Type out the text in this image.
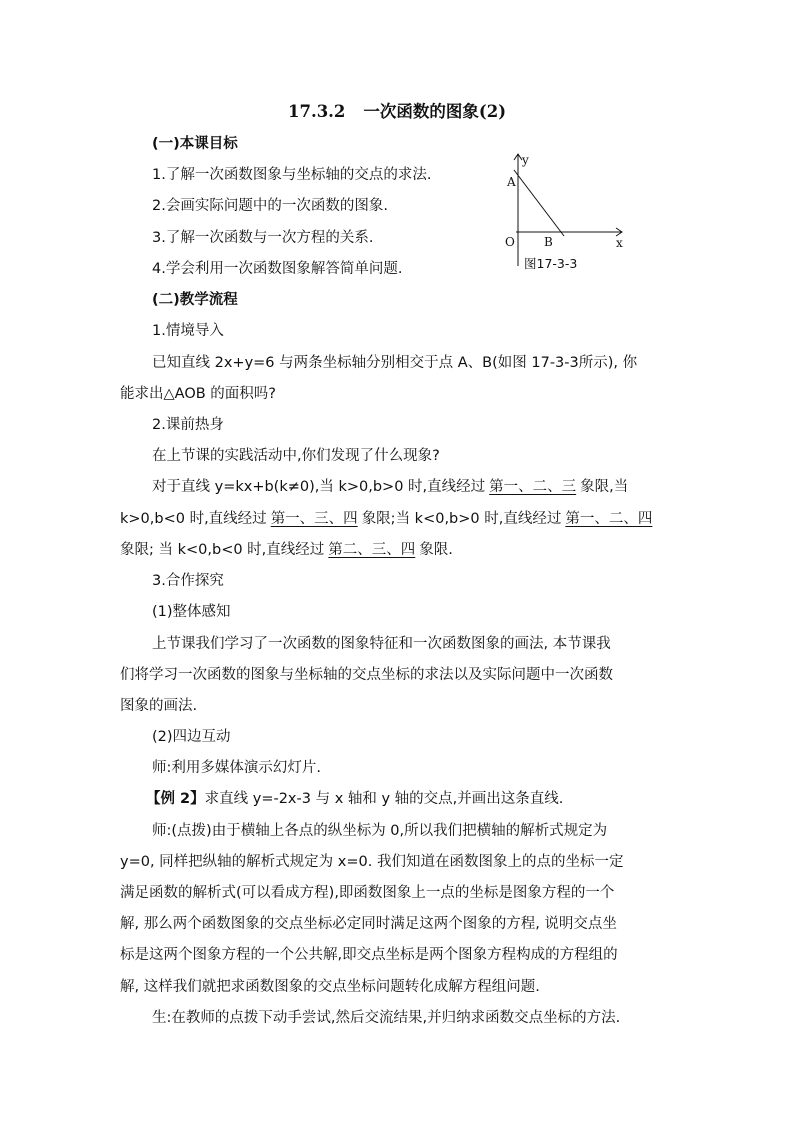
17.3.2 一次函数的图象(2)
(一)本课目标
1.了解一次函数图象与坐标轴的交点的求法.
2.会画实际问题中的一次函数的图象.
3.了解一次函数与一次方程的关系.
4.学会利用一次函数图象解答简单问题.
y
x
O
A
B
图17-3-3
(二)教学流程
1.情境导入
已知直线 2x+y=6 与两条坐标轴分别相交于点 A、B(如图 17-3-3所示), 你
能求出△AOB 的面积吗?
2.课前热身
在上节课的实践活动中,你们发现了什么现象?
对于直线 y=kx+b(k≠0),当 k>0,b>0 时,直线经过 第一、二、三 象限,当
k>0,b<0 时,直线经过 第一、三、四 象限;当 k<0,b>0 时,直线经过 第一、二、四
象限; 当 k<0,b<0 时,直线经过 第二、三、四 象限.
3.合作探究
(1)整体感知
上节课我们学习了一次函数的图象特征和一次函数图象的画法, 本节课我
们将学习一次函数的图象与坐标轴的交点坐标的求法以及实际问题中一次函数
图象的画法.
(2)四边互动
师:利用多媒体演示幻灯片.
【例 2】求直线 y=-2x-3 与 x 轴和 y 轴的交点,并画出这条直线.
师:(点拨)由于横轴上各点的纵坐标为 0,所以我们把横轴的解析式规定为
y=0, 同样把纵轴的解析式规定为 x=0. 我们知道在函数图象上的点的坐标一定
满足函数的解析式(可以看成方程),即函数图象上一点的坐标是图象方程的一个
解, 那么两个函数图象的交点坐标必定同时满足这两个图象的方程, 说明交点坐
标是这两个图象方程的一个公共解,即交点坐标是两个图象方程构成的方程组的
解, 这样我们就把求函数图象的交点坐标问题转化成解方程组问题.
生:在教师的点拨下动手尝试,然后交流结果,并归纳求函数交点坐标的方法.
